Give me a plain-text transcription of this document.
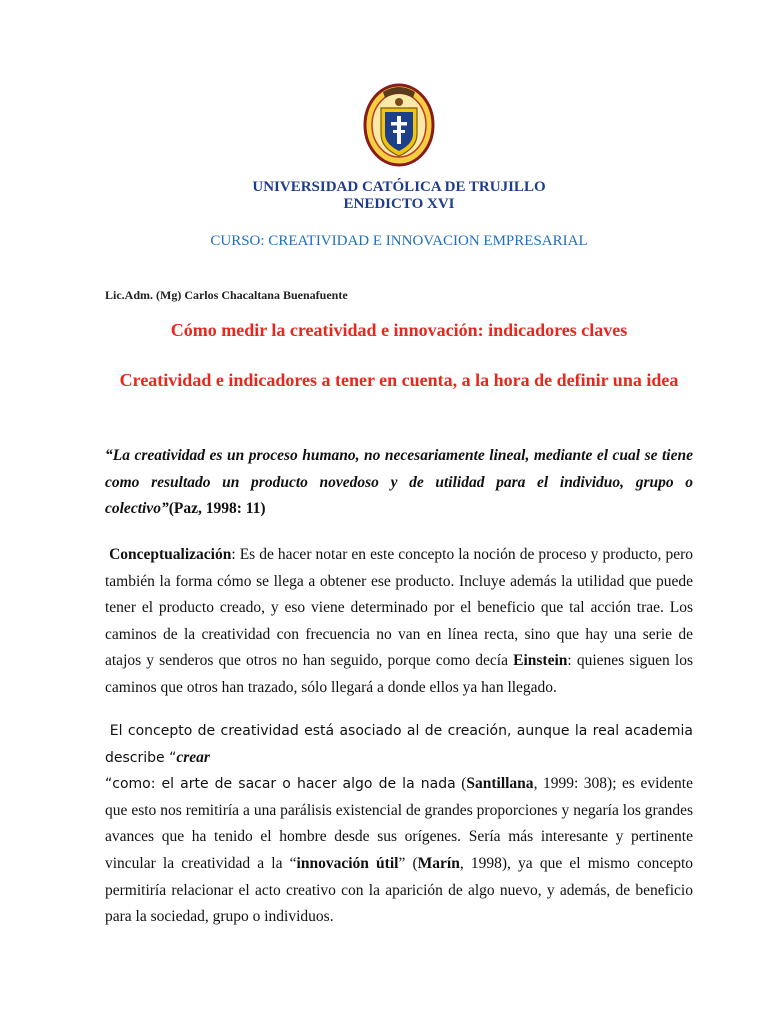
UNIVERSIDAD CATÓLICA DE TRUJILLO
ENEDICTO XVI
CURSO: CREATIVIDAD E INNOVACION EMPRESARIAL
Lic.Adm. (Mg) Carlos Chacaltana Buenafuente
Cómo medir la creatividad e innovación: indicadores claves
Creatividad e indicadores a tener en cuenta, a la hora de definir una idea
“La creatividad es un proceso humano, no necesariamente lineal, mediante el cual se tiene como resultado un producto novedoso y de utilidad para el individuo, grupo o colectivo”(Paz, 1998: 11)
Conceptualización: Es de hacer notar en este concepto la noción de proceso y producto, pero también la forma cómo se llega a obtener ese producto. Incluye además la utilidad que puede tener el producto creado, y eso viene determinado por el beneficio que tal acción trae. Los caminos de la creatividad con frecuencia no van en línea recta, sino que hay una serie de atajos y senderos que otros no han seguido, porque como decía Einstein: quienes siguen los caminos que otros han trazado, sólo llegará a donde ellos ya han llegado.
El concepto de creatividad está asociado al de creación, aunque la real academia describe “crear
“como: el arte de sacar o hacer algo de la nada (Santillana, 1999: 308); es evidente que esto nos remitiría a una parálisis existencial de grandes proporciones y negaría los grandes avances que ha tenido el hombre desde sus orígenes. Sería más interesante y pertinente vincular la creatividad a la “innovación útil” (Marín, 1998), ya que el mismo concepto permitiría relacionar el acto creativo con la aparición de algo nuevo, y además, de beneficio para la sociedad, grupo o individuos.
